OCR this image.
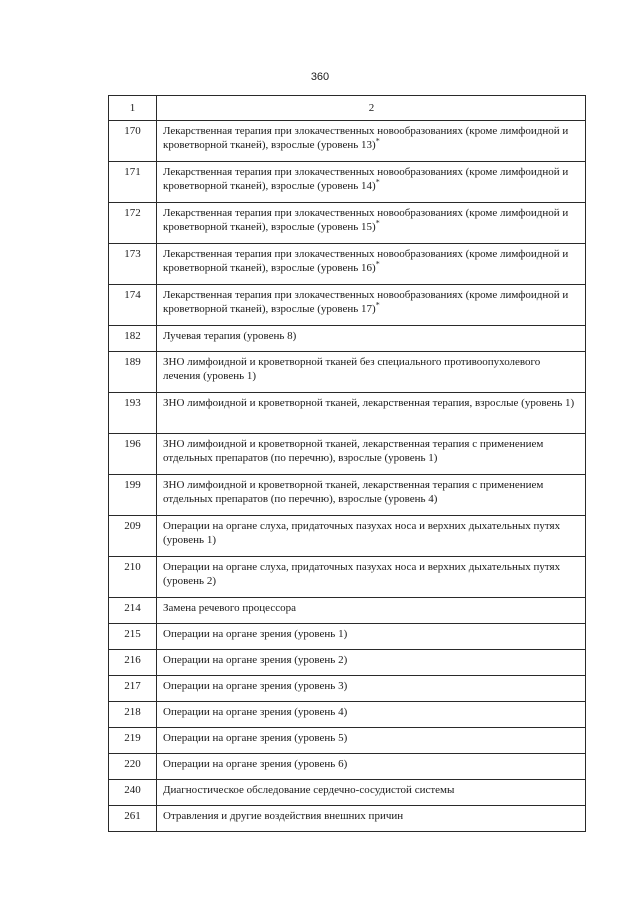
360
1	2
170	Лекарственная терапия при злокачественных новообразованиях (кроме лимфоидной и кроветворной тканей), взрослые (уровень 13)*
171	Лекарственная терапия при злокачественных новообразованиях (кроме лимфоидной и кроветворной тканей), взрослые (уровень 14)*
172	Лекарственная терапия при злокачественных новообразованиях (кроме лимфоидной и кроветворной тканей), взрослые (уровень 15)*
173	Лекарственная терапия при злокачественных новообразованиях (кроме лимфоидной и кроветворной тканей), взрослые (уровень 16)*
174	Лекарственная терапия при злокачественных новообразованиях (кроме лимфоидной и кроветворной тканей), взрослые (уровень 17)*
182	Лучевая терапия (уровень 8)
189	ЗНО лимфоидной и кроветворной тканей без специального противоопухолевого лечения (уровень 1)
193	ЗНО лимфоидной и кроветворной тканей, лекарственная терапия, взрослые (уровень 1)
196	ЗНО лимфоидной и кроветворной тканей, лекарственная терапия с применением отдельных препаратов (по перечню), взрослые (уровень 1)
199	ЗНО лимфоидной и кроветворной тканей, лекарственная терапия с применением отдельных препаратов (по перечню), взрослые (уровень 4)
209	Операции на органе слуха, придаточных пазухах носа и верхних дыхательных путях (уровень 1)
210	Операции на органе слуха, придаточных пазухах носа и верхних дыхательных путях (уровень 2)
214	Замена речевого процессора
215	Операции на органе зрения (уровень 1)
216	Операции на органе зрения (уровень 2)
217	Операции на органе зрения (уровень 3)
218	Операции на органе зрения (уровень 4)
219	Операции на органе зрения (уровень 5)
220	Операции на органе зрения (уровень 6)
240	Диагностическое обследование сердечно-сосудистой системы
261	Отравления и другие воздействия внешних причин
